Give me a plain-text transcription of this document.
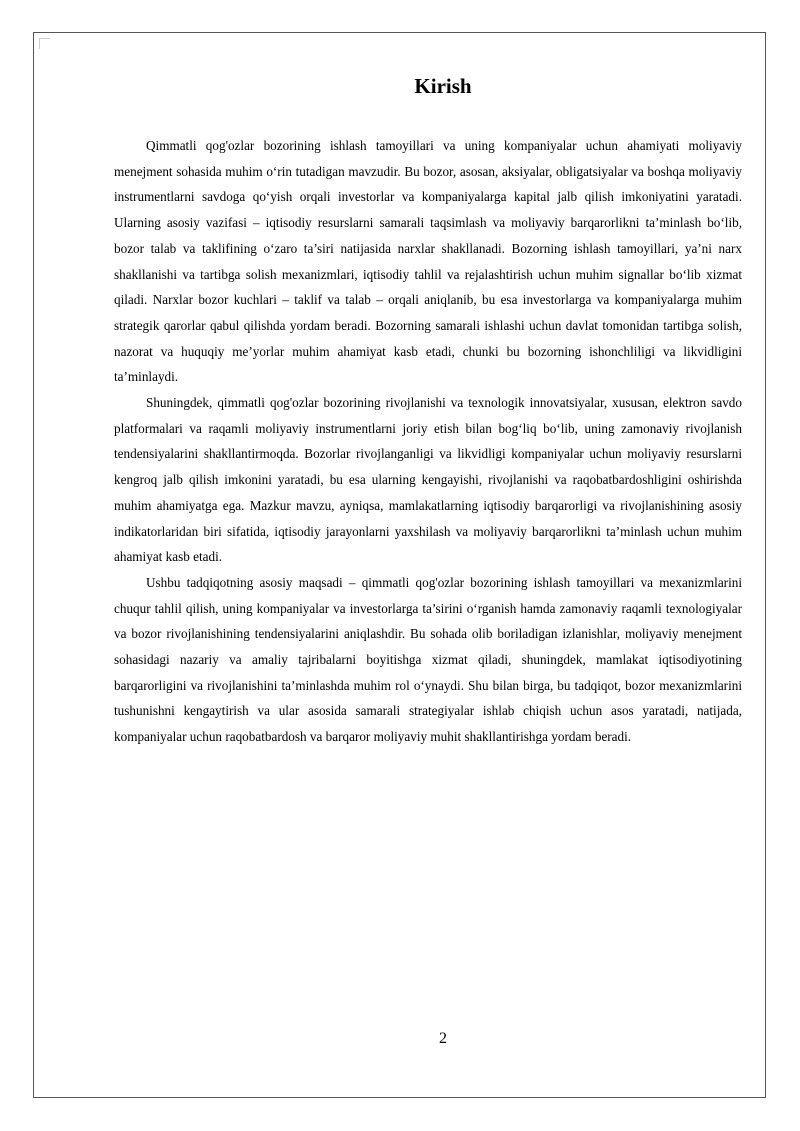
Kirish

Qimmatli qog'ozlar bozorining ishlash tamoyillari va uning kompaniyalar uchun ahamiyati moliyaviy menejment sohasida muhim o‘rin tutadigan mavzudir. Bu bozor, asosan, aksiyalar, obligatsiyalar va boshqa moliyaviy instrumentlarni savdoga qo‘yish orqali investorlar va kompaniyalarga kapital jalb qilish imkoniyatini yaratadi. Ularning asosiy vazifasi – iqtisodiy resurslarni samarali taqsimlash va moliyaviy barqarorlikni ta’minlash bo‘lib, bozor talab va taklifining o‘zaro ta’siri natijasida narxlar shakllanadi. Bozorning ishlash tamoyillari, ya’ni narx shakllanishi va tartibga solish mexanizmlari, iqtisodiy tahlil va rejalashtirish uchun muhim signallar bo‘lib xizmat qiladi. Narxlar bozor kuchlari – taklif va talab – orqali aniqlanib, bu esa investorlarga va kompaniyalarga muhim strategik qarorlar qabul qilishda yordam beradi. Bozorning samarali ishlashi uchun davlat tomonidan tartibga solish, nazorat va huquqiy me’yorlar muhim ahamiyat kasb etadi, chunki bu bozorning ishonchliligi va likvidligini ta’minlaydi.

Shuningdek, qimmatli qog'ozlar bozorining rivojlanishi va texnologik innovatsiyalar, xususan, elektron savdo platformalari va raqamli moliyaviy instrumentlarni joriy etish bilan bog‘liq bo‘lib, uning zamonaviy rivojlanish tendensiyalarini shakllantirmoqda. Bozorlar rivojlanganligi va likvidligi kompaniyalar uchun moliyaviy resurslarni kengroq jalb qilish imkonini yaratadi, bu esa ularning kengayishi, rivojlanishi va raqobatbardoshligini oshirishda muhim ahamiyatga ega. Mazkur mavzu, ayniqsa, mamlakatlarning iqtisodiy barqarorligi va rivojlanishining asosiy indikatorlaridan biri sifatida, iqtisodiy jarayonlarni yaxshilash va moliyaviy barqarorlikni ta’minlash uchun muhim ahamiyat kasb etadi.

Ushbu tadqiqotning asosiy maqsadi – qimmatli qog'ozlar bozorining ishlash tamoyillari va mexanizmlarini chuqur tahlil qilish, uning kompaniyalar va investorlarga ta’sirini o‘rganish hamda zamonaviy raqamli texnologiyalar va bozor rivojlanishining tendensiyalarini aniqlashdir. Bu sohada olib boriladigan izlanishlar, moliyaviy menejment sohasidagi nazariy va amaliy tajribalarni boyitishga xizmat qiladi, shuningdek, mamlakat iqtisodiyotining barqarorligini va rivojlanishini ta’minlashda muhim rol o‘ynaydi. Shu bilan birga, bu tadqiqot, bozor mexanizmlarini tushunishni kengaytirish va ular asosida samarali strategiyalar ishlab chiqish uchun asos yaratadi, natijada, kompaniyalar uchun raqobatbardosh va barqaror moliyaviy muhit shakllantirishga yordam beradi.

2
